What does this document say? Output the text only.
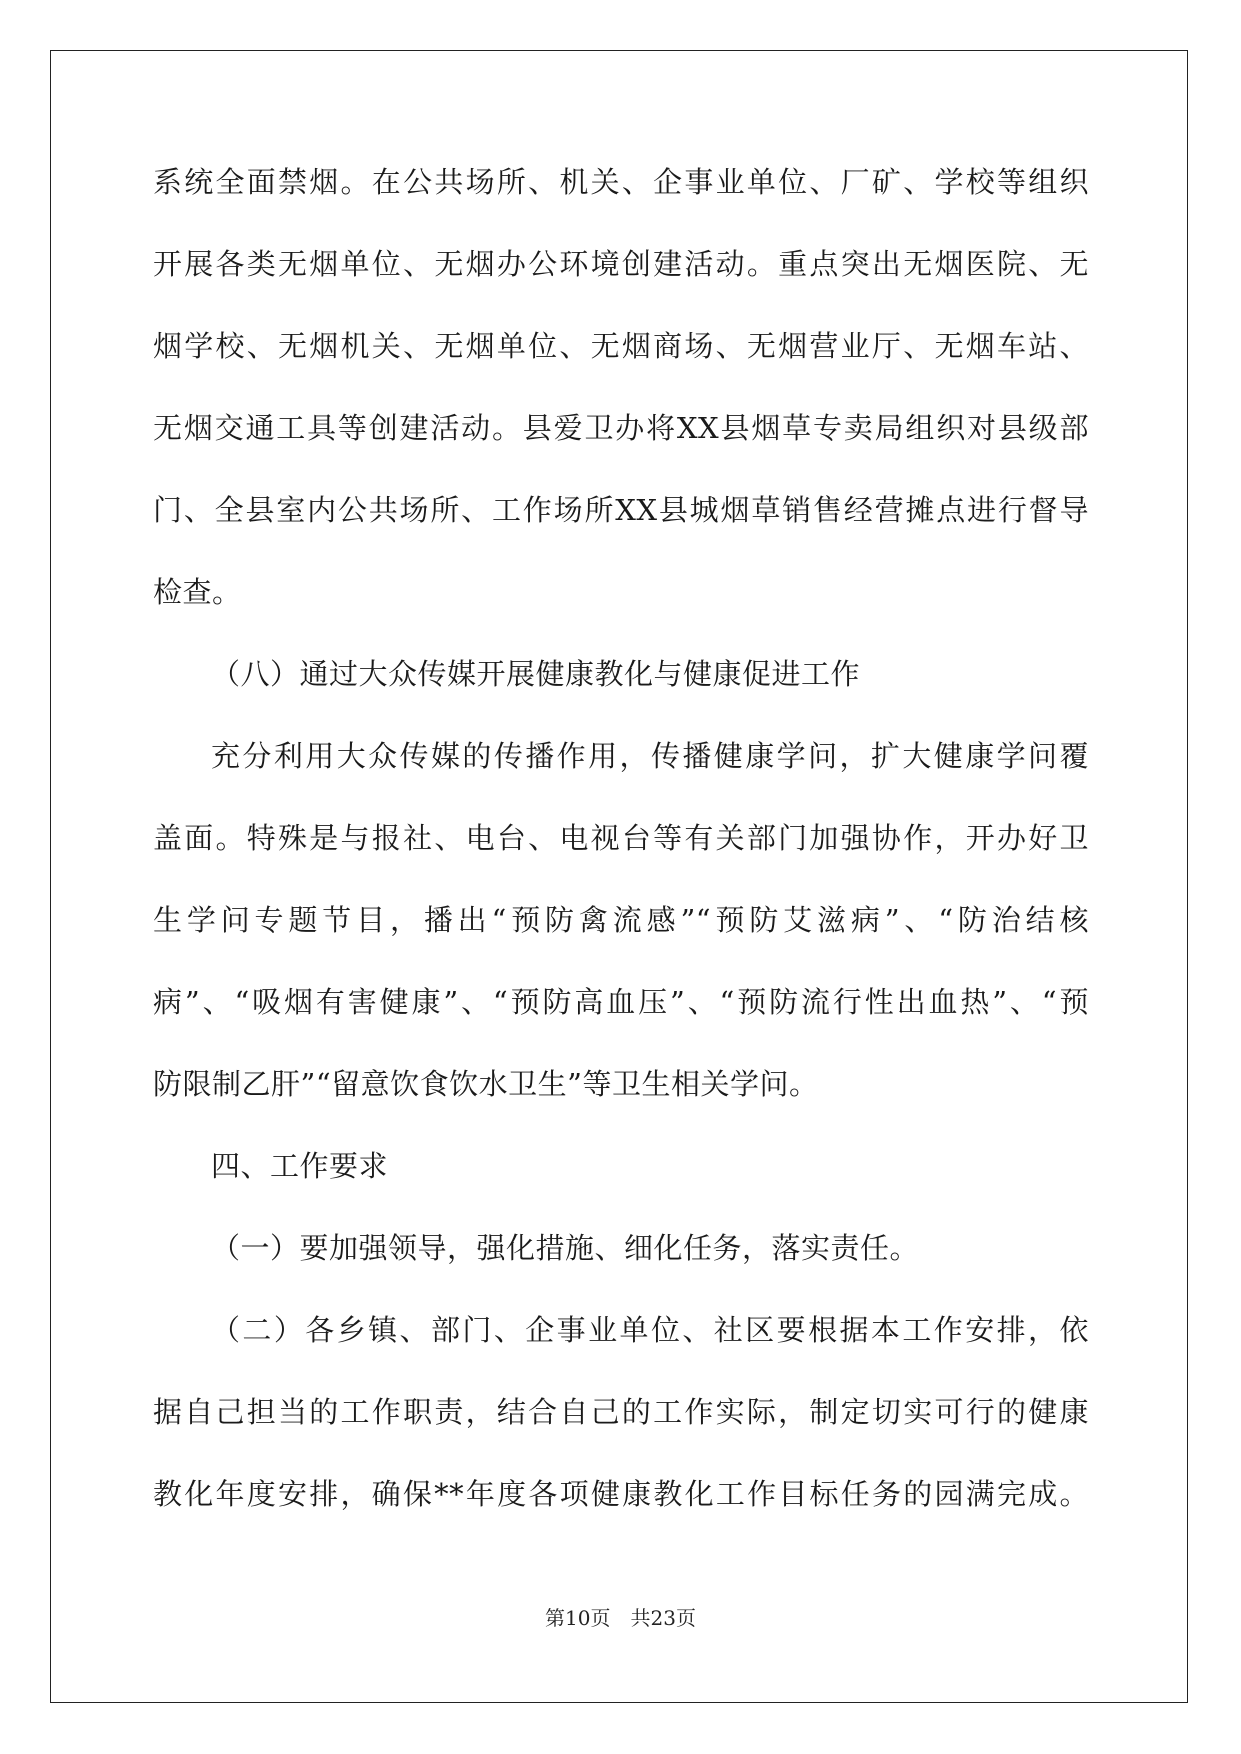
系统全面禁烟。在公共场所、机关、企事业单位、厂矿、学校等组织
开展各类无烟单位、无烟办公环境创建活动。重点突出无烟医院、无
烟学校、无烟机关、无烟单位、无烟商场、无烟营业厅、无烟车站、
无烟交通工具等创建活动。县爱卫办将XX县烟草专卖局组织对县级部
门、全县室内公共场所、工作场所XX县城烟草销售经营摊点进行督导
检查。
（八）通过大众传媒开展健康教化与健康促进工作
充分利用大众传媒的传播作用，传播健康学问，扩大健康学问覆
盖面。特殊是与报社、电台、电视台等有关部门加强协作，开办好卫
生学问专题节目，播出“预防禽流感”“预防艾滋病”、“防治结核
病”、“吸烟有害健康”、“预防高血压”、“预防流行性出血热”、“预
防限制乙肝”“留意饮食饮水卫生”等卫生相关学问。
四、工作要求
（一）要加强领导，强化措施、细化任务，落实责任。
（二）各乡镇、部门、企事业单位、社区要根据本工作安排，依
据自己担当的工作职责，结合自己的工作实际，制定切实可行的健康
教化年度安排，确保**年度各项健康教化工作目标任务的园满完成。
第10页　共23页
